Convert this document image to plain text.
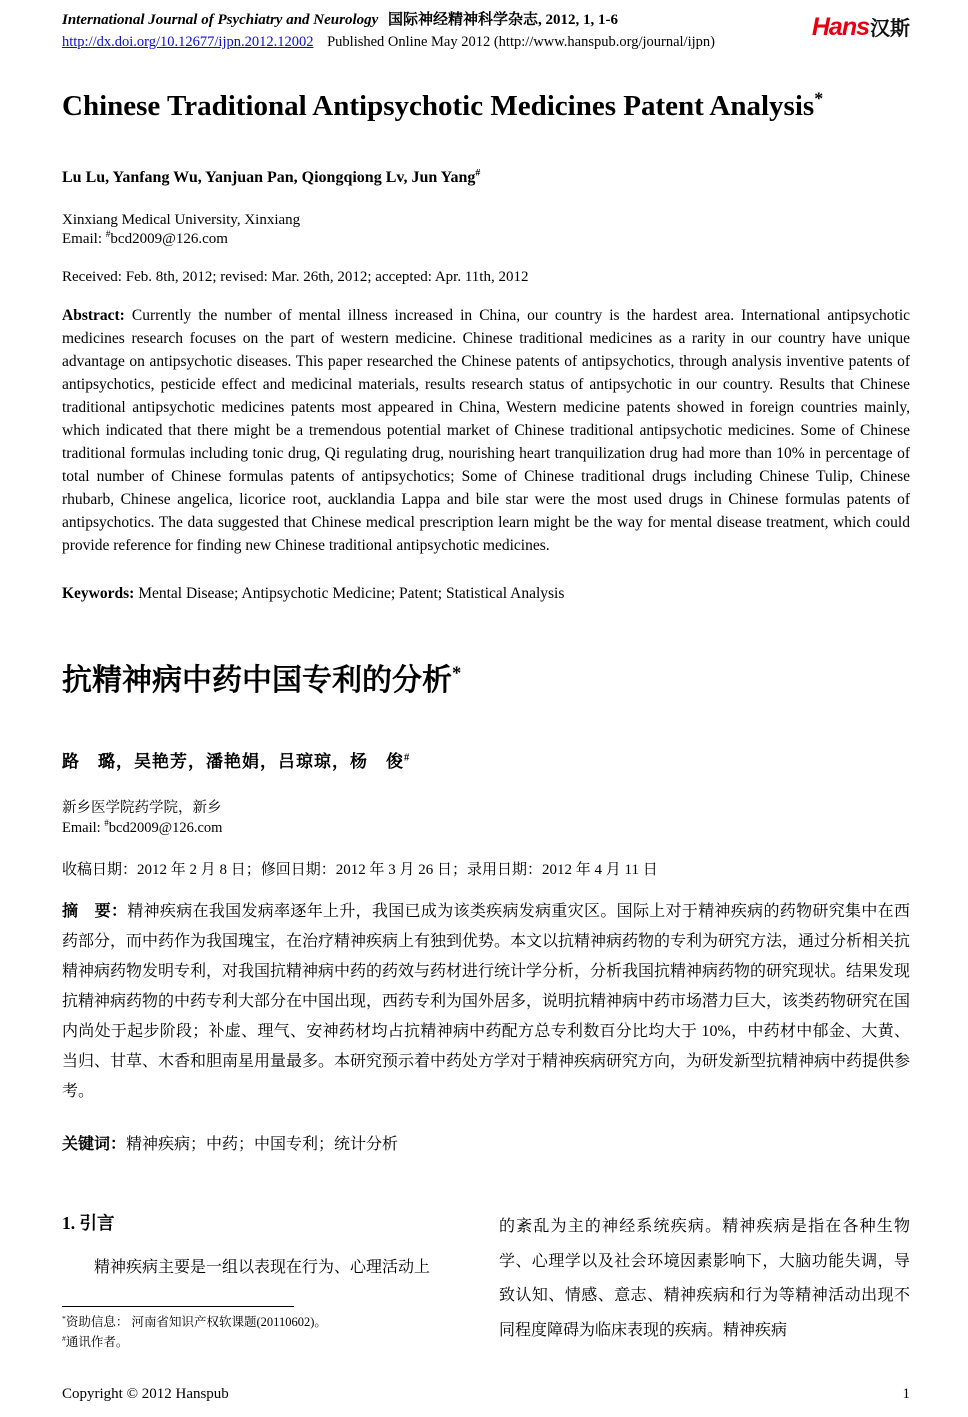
International Journal of Psychiatry and Neurology 国际神经精神科学杂志, 2012, 1, 1-6
http://dx.doi.org/10.12677/ijpn.2012.12002 Published Online May 2012 (http://www.hanspub.org/journal/ijpn)
Hans汉斯
Chinese Traditional Antipsychotic Medicines Patent Analysis*

Lu Lu, Yanfang Wu, Yanjuan Pan, Qiongqiong Lv, Jun Yang#

Xinxiang Medical University, Xinxiang

Email: #bcd2009@126.com

Received: Feb. 8th, 2012; revised: Mar. 26th, 2012; accepted: Apr. 11th, 2012

Abstract: Currently the number of mental illness increased in China, our country is the hardest area. International antipsychotic medicines research focuses on the part of western medicine. Chinese traditional medicines as a rarity in our country have unique advantage on antipsychotic diseases. This paper researched the Chinese patents of antipsychotics, through analysis inventive patents of antipsychotics, pesticide effect and medicinal materials, results research status of antipsychotic in our country. Results that Chinese traditional antipsychotic medicines patents most appeared in China, Western medicine patents showed in foreign countries mainly, which indicated that there might be a tremendous potential market of Chinese traditional antipsychotic medicines. Some of Chinese traditional formulas including tonic drug, Qi regulating drug, nourishing heart tranquilization drug had more than 10% in percentage of total number of Chinese formulas patents of antipsychotics; Some of Chinese traditional drugs including Chinese Tulip, Chinese rhubarb, Chinese angelica, licorice root, aucklandia Lappa and bile star were the most used drugs in Chinese formulas patents of antipsychotics. The data suggested that Chinese medical prescription learn might be the way for mental disease treatment, which could provide reference for finding new Chinese traditional antipsychotic medicines.

Keywords: Mental Disease; Antipsychotic Medicine; Patent; Statistical Analysis

抗精神病中药中国专利的分析*

路　璐，吴艳芳，潘艳娟，吕琼琼，杨　俊#

新乡医学院药学院，新乡

Email: #bcd2009@126.com

收稿日期：2012 年 2 月 8 日；修回日期：2012 年 3 月 26 日；录用日期：2012 年 4 月 11 日

摘　要：精神疾病在我国发病率逐年上升，我国已成为该类疾病发病重灾区。国际上对于精神疾病的药物研究集中在西药部分，而中药作为我国瑰宝，在治疗精神疾病上有独到优势。本文以抗精神病药物的专利为研究方法，通过分析相关抗精神病药物发明专利，对我国抗精神病中药的药效与药材进行统计学分析，分析我国抗精神病药物的研究现状。结果发现抗精神病药物的中药专利大部分在中国出现，西药专利为国外居多，说明抗精神病中药市场潜力巨大，该类药物研究在国内尚处于起步阶段；补虚、理气、安神药材均占抗精神病中药配方总专利数百分比均大于 10%，中药材中郁金、大黄、当归、甘草、木香和胆南星用量最多。本研究预示着中药处方学对于精神疾病研究方向，为研发新型抗精神病中药提供参考。

关键词：精神疾病；中药；中国专利；统计分析

1. 引言

精神疾病主要是一组以表现在行为、心理活动上

*资助信息： 河南省知识产权软课题(20110602)。

#通讯作者。

的紊乱为主的神经系统疾病。精神疾病是指在各种生物学、心理学以及社会环境因素影响下，大脑功能失调，导致认知、情感、意志、精神疾病和行为等精神活动出现不同程度障碍为临床表现的疾病。精神疾病

Copyright © 2012 Hanspub	1
